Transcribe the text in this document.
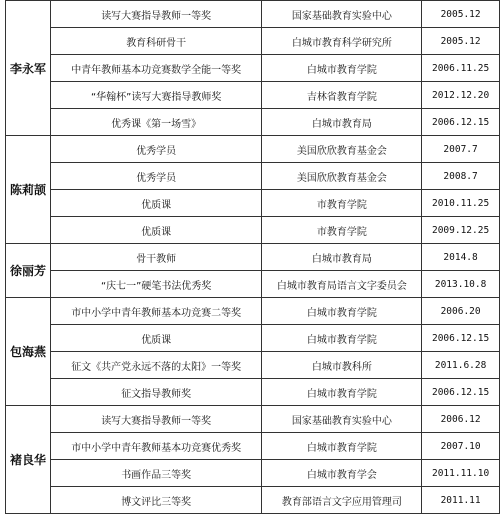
李永军	读写大赛指导教师一等奖	国家基础教育实验中心	2005.12
	教育科研骨干	白城市教育科学研究所	2005.12
	中青年教师基本功竞赛数学全能一等奖	白城市教育学院	2006.11.25
	“华翰杯”读写大赛指导教师奖	吉林省教育学院	2012.12.20
	优秀课《第一场雪》	白城市教育局	2006.12.15
陈莉颉	优秀学员	美国欣欣教育基金会	2007.7
	优秀学员	美国欣欣教育基金会	2008.7
	优质课	市教育学院	2010.11.25
	优质课	市教育学院	2009.12.25
徐丽芳	骨干教师	白城市教育局	2014.8
	“庆七一”硬笔书法优秀奖	白城市教育局语言文字委员会	2013.10.8
包海燕	市中小学中青年教师基本功竞赛二等奖	白城市教育学院	2006.20
	优质课	白城市教育学院	2006.12.15
	征文《共产党永远不落的太阳》一等奖	白城市教科所	2011.6.28
	征文指导教师奖	白城市教育学院	2006.12.15
褚良华	读写大赛指导教师一等奖	国家基础教育实验中心	2006.12
	市中小学中青年教师基本功竞赛优秀奖	白城市教育学院	2007.10
	书画作品三等奖	白城市教育学会	2011.11.10
	博文评比三等奖	教育部语言文字应用管理司	2011.11
